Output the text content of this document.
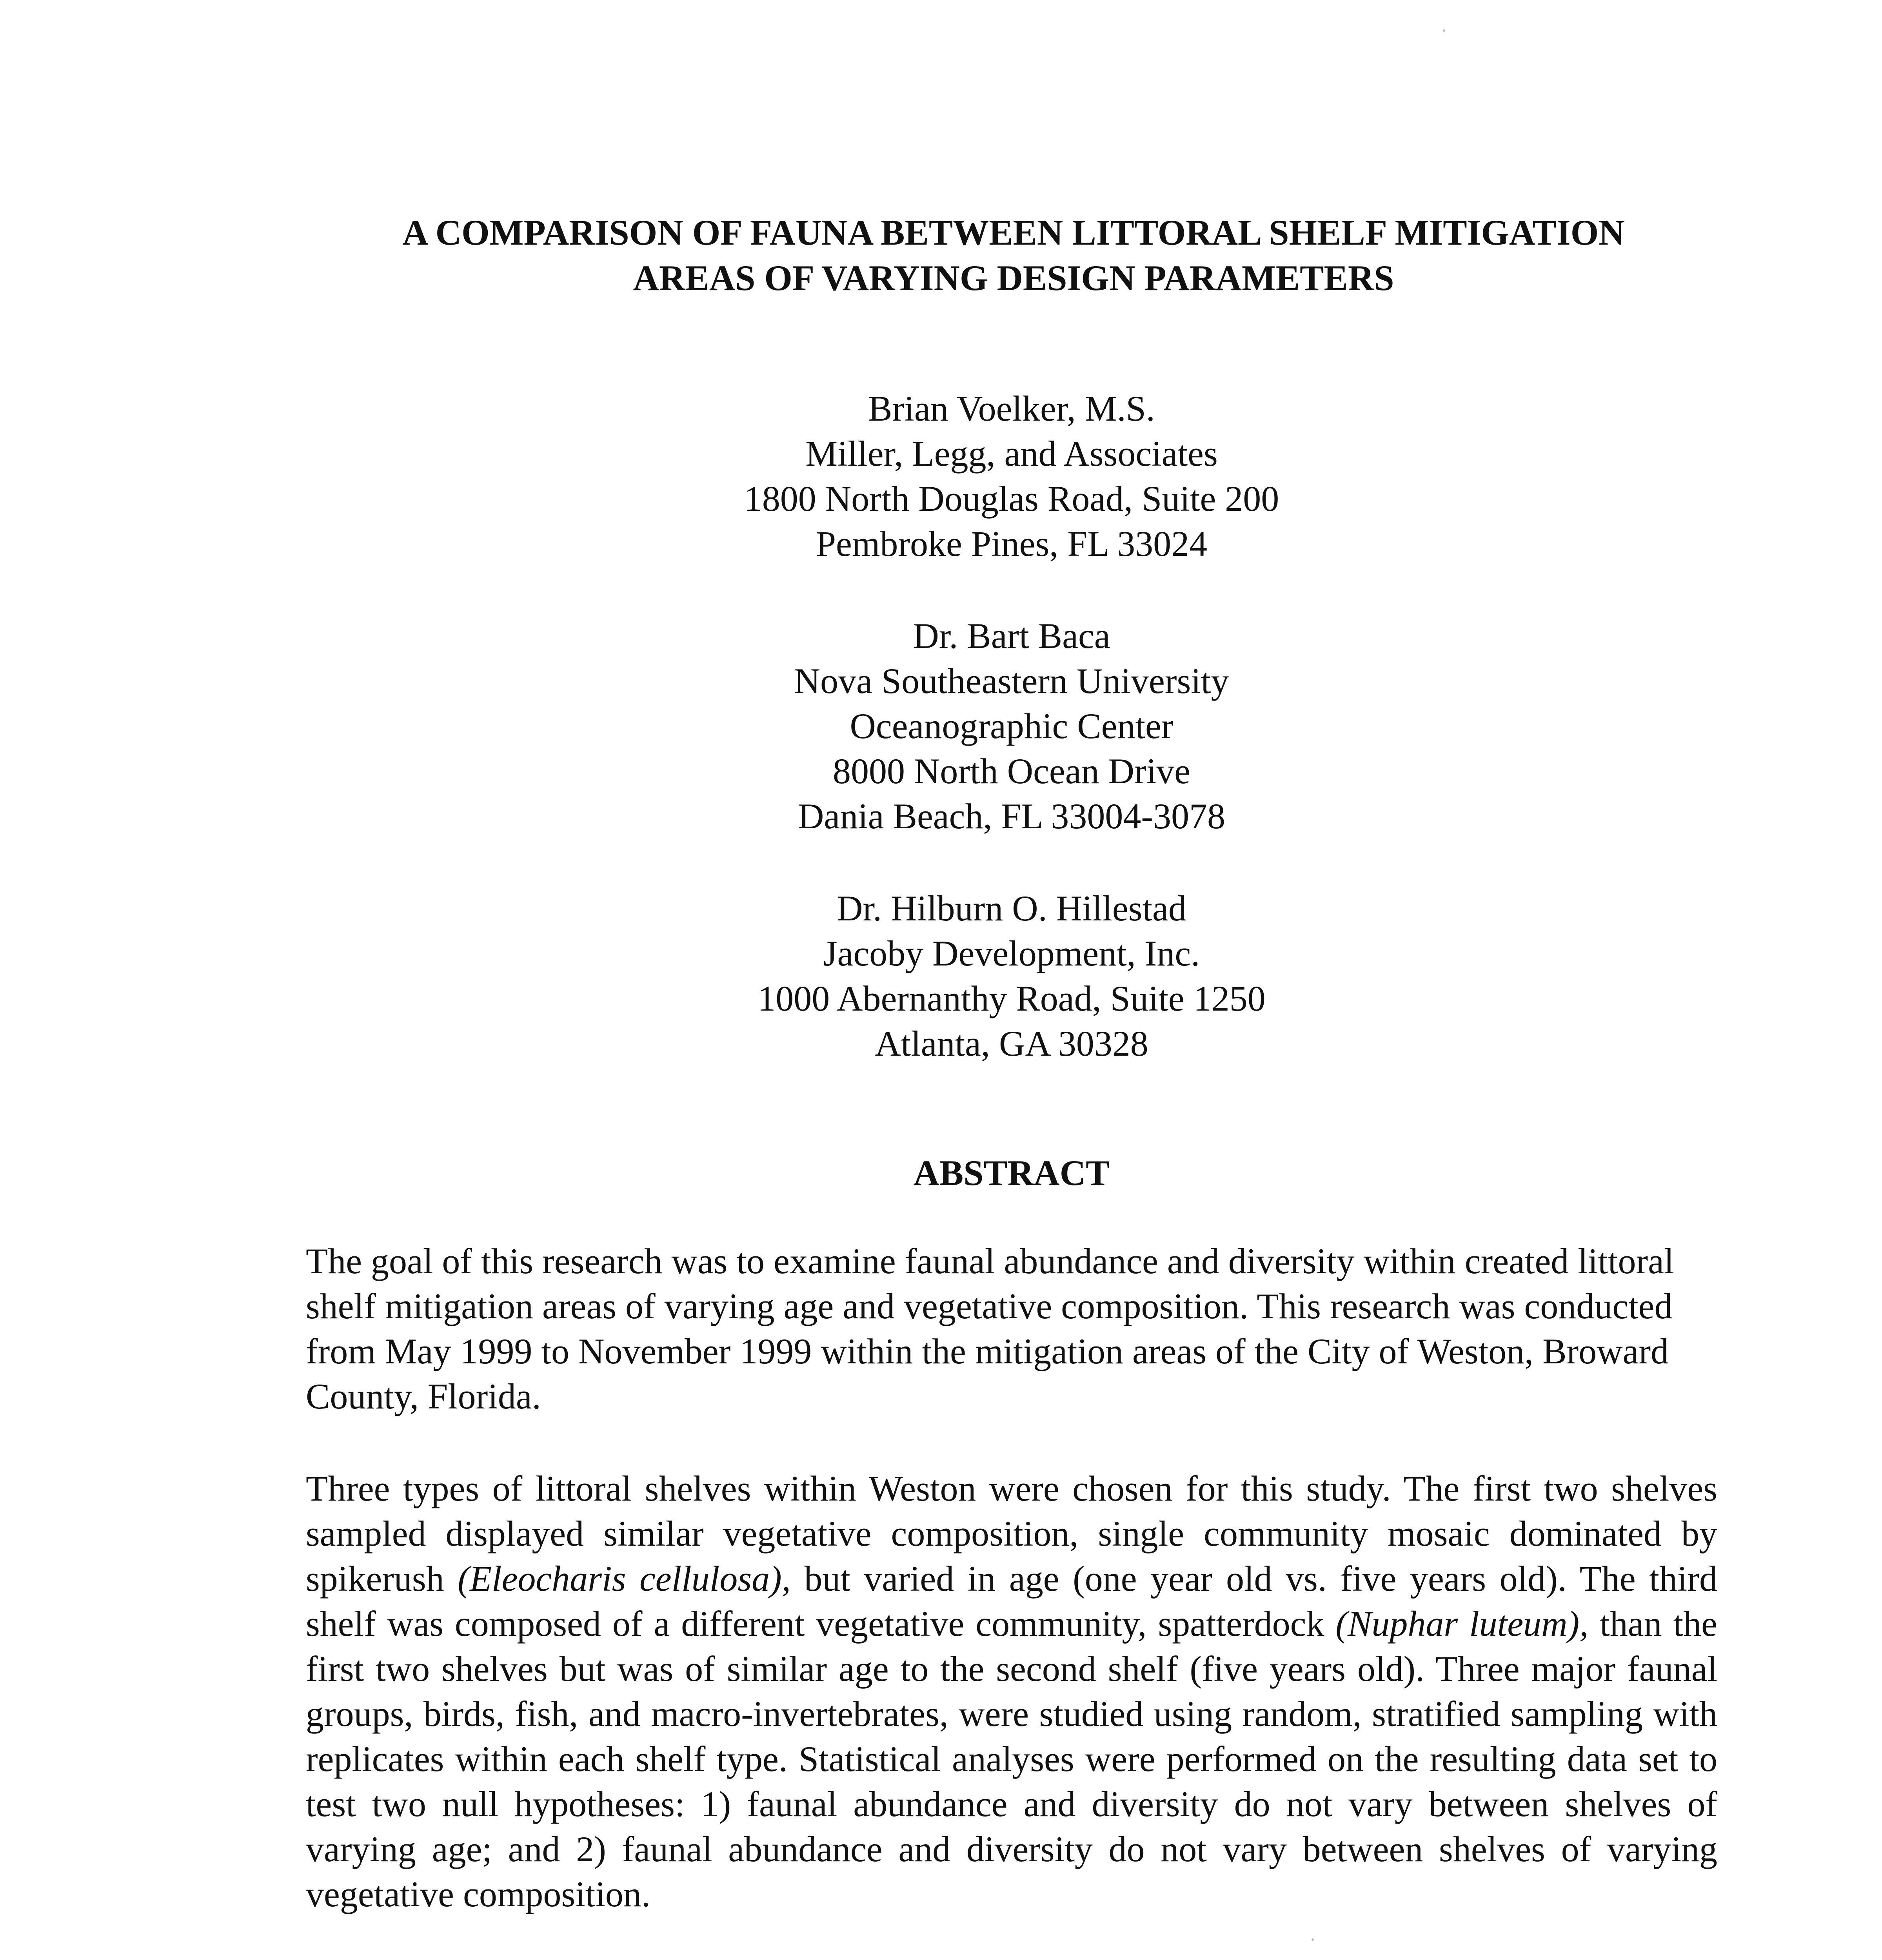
A COMPARISON OF FAUNA BETWEEN LITTORAL SHELF MITIGATION
AREAS OF VARYING DESIGN PARAMETERS
Brian Voelker, M.S.
Miller, Legg, and Associates
1800 North Douglas Road, Suite 200
Pembroke Pines, FL 33024
Dr. Bart Baca
Nova Southeastern University
Oceanographic Center
8000 North Ocean Drive
Dania Beach, FL 33004-3078
Dr. Hilburn O. Hillestad
Jacoby Development, Inc.
1000 Abernanthy Road, Suite 1250
Atlanta, GA 30328
ABSTRACT

The goal of this research was to examine faunal abundance and diversity within created littoral shelf mitigation areas of varying age and vegetative composition. This research was conducted from May 1999 to November 1999 within the mitigation areas of the City of Weston, Broward County, Florida.

Three types of littoral shelves within Weston were chosen for this study. The first two shelves sampled displayed similar vegetative composition, single community mosaic dominated by spikerush (Eleocharis cellulosa), but varied in age (one year old vs. five years old). The third shelf was composed of a different vegetative community, spatterdock (Nuphar luteum), than the first two shelves but was of similar age to the second shelf (five years old). Three major faunal groups, birds, fish, and macro-invertebrates, were studied using random, stratified sampling with replicates within each shelf type. Statistical analyses were performed on the resulting data set to test two null hypotheses: 1) faunal abundance and diversity do not vary between shelves of varying age; and 2) faunal abundance and diversity do not vary between shelves of varying vegetative composition.
